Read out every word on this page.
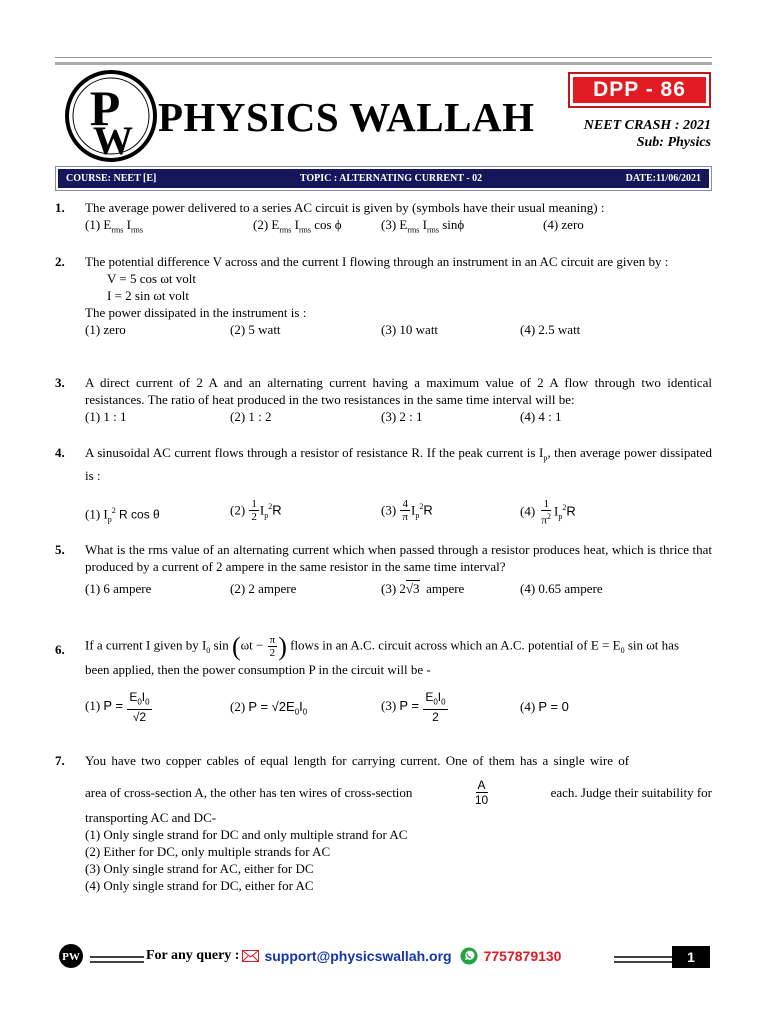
P
W
PHYSICS WALLAH
DPP - 86
NEET CRASH : 2021
Sub: Physics
COURSE: NEET [E]	TOPIC : ALTERNATING CURRENT - 02	DATE:11/06/2021
1. The average power delivered to a series AC circuit is given by (symbols have their usual meaning) :
(1) $E_{rms}$ $I_{rms}$	(2) $E_{rms}$ $I_{rms}$ cos ϕ	(3) $E_{rms}$ $I_{rms}$ sinϕ	(4) zero
2. The potential difference V across and the current I flowing through an instrument in an AC circuit are given by :
V = 5 cos ωt volt
I = 2 sin ωt volt
The power dissipated in the instrument is :
(1) zero	(2) 5 watt	(3) 10 watt	(4) 2.5 watt
3. A direct current of 2 A and an alternating current having a maximum value of 2 A flow through two identical resistances. The ratio of heat produced in the two resistances in the same time interval will be:
(1) 1 : 1	(2) 1 : 2	(3) 2 : 1	(4) 4 : 1
4. A sinusoidal AC current flows through a resistor of resistance R. If the peak current is $I_p$, then average power dissipated is :
(1) $I_p^2$ R cos θ	$(2) \frac{1}{2} I_p^2R$	$(3) \frac{4}{\pi} I_p^2R$	$(4) \frac{1}{\pi^2} I_p^2R$
5. What is the rms value of an alternating current which when passed through a resistor produces heat, which is thrice that produced by a current of 2 ampere in the same resistor in the same time interval?
(1) 6 ampere	(2) 2 ampere	(3) 2√3 ampere	(4) 0.65 ampere
6. If a current I given by $I_0$ $\sin (\omega t - \frac{\pi}{2}$ ) flows in an A.C. circuit across which an A.C. potential of $E = E_0$ sin ωt has
been applied, then the power consumption P in the circuit will be -
(1) $P = \frac{E_0I_0}{√2}$	(2) $P = √2E_0I_0$	(3) $P = \frac{E_0I_0}{2}$	(4) P = 0
7. You have two copper cables of equal length for carrying current. One of them has a single wire of
area of cross-section A, the other has ten wires of cross-section	$\frac{A}{10}$	each. Judge their suitability for
transporting AC and DC-
(1) Only single strand for DC and only multiple strand for AC
(2) Either for DC, only multiple strands for AC
(3) Only single strand for AC, either for DC
(4) Only single strand for DC, either for AC
PW	For any query : support@physicswallah.org 7757879130	1
